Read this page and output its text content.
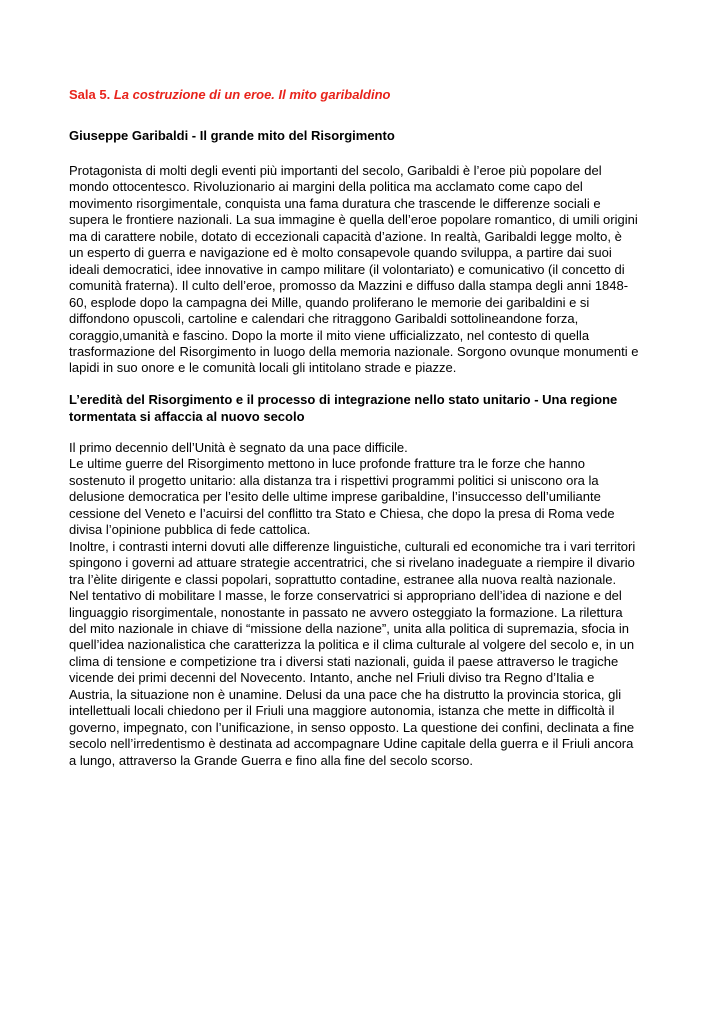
Sala 5. La costruzione di un eroe. Il mito garibaldino
Giuseppe Garibaldi - Il grande mito del Risorgimento
Protagonista di molti degli eventi più importanti del secolo, Garibaldi è l’eroe più popolare del
mondo ottocentesco. Rivoluzionario ai margini della politica ma acclamato come capo del
movimento risorgimentale, conquista una fama duratura che trascende le differenze sociali e
supera le frontiere nazionali. La sua immagine è quella dell’eroe popolare romantico, di umili origini
ma di carattere nobile, dotato di eccezionali capacità d’azione. In realtà, Garibaldi legge molto, è
un esperto di guerra e navigazione ed è molto consapevole quando sviluppa, a partire dai suoi
ideali democratici, idee innovative in campo militare (il volontariato) e comunicativo (il concetto di
comunità fraterna). Il culto dell’eroe, promosso da Mazzini e diffuso dalla stampa degli anni 1848-
60, esplode dopo la campagna dei Mille, quando proliferano le memorie dei garibaldini e si
diffondono opuscoli, cartoline e calendari che ritraggono Garibaldi sottolineandone forza,
coraggio,umanità e fascino. Dopo la morte il mito viene ufficializzato, nel contesto di quella
trasformazione del Risorgimento in luogo della memoria nazionale. Sorgono ovunque monumenti e
lapidi in suo onore e le comunità locali gli intitolano strade e piazze.
L’eredità del Risorgimento e il processo di integrazione nello stato unitario - Una regione
tormentata si affaccia al nuovo secolo
Il primo decennio dell’Unità è segnato da una pace difficile.
Le ultime guerre del Risorgimento mettono in luce profonde fratture tra le forze che hanno
sostenuto il progetto unitario: alla distanza tra i rispettivi programmi politici si uniscono ora la
delusione democratica per l’esito delle ultime imprese garibaldine, l’insuccesso dell’umiliante
cessione del Veneto e l’acuirsi del conflitto tra Stato e Chiesa, che dopo la presa di Roma vede
divisa l’opinione pubblica di fede cattolica.
Inoltre, i contrasti interni dovuti alle differenze linguistiche, culturali ed economiche tra i vari territori
spingono i governi ad attuare strategie accentratrici, che si rivelano inadeguate a riempire il divario
tra l’èlite dirigente e classi popolari, soprattutto contadine, estranee alla nuova realtà nazionale.
Nel tentativo di mobilitare l masse, le forze conservatrici si appropriano dell’idea di nazione e del
linguaggio risorgimentale, nonostante in passato ne avvero osteggiato la formazione. La rilettura
del mito nazionale in chiave di “missione della nazione”, unita alla politica di supremazia, sfocia in
quell’idea nazionalistica che caratterizza la politica e il clima culturale al volgere del secolo e, in un
clima di tensione e competizione tra i diversi stati nazionali, guida il paese attraverso le tragiche
vicende dei primi decenni del Novecento. Intanto, anche nel Friuli diviso tra Regno d’Italia e
Austria, la situazione non è unamine. Delusi da una pace che ha distrutto la provincia storica, gli
intellettuali locali chiedono per il Friuli una maggiore autonomia, istanza che mette in difficoltà il
governo, impegnato, con l’unificazione, in senso opposto. La questione dei confini, declinata a fine
secolo nell’irredentismo è destinata ad accompagnare Udine capitale della guerra e il Friuli ancora
a lungo, attraverso la Grande Guerra e fino alla fine del secolo scorso.
